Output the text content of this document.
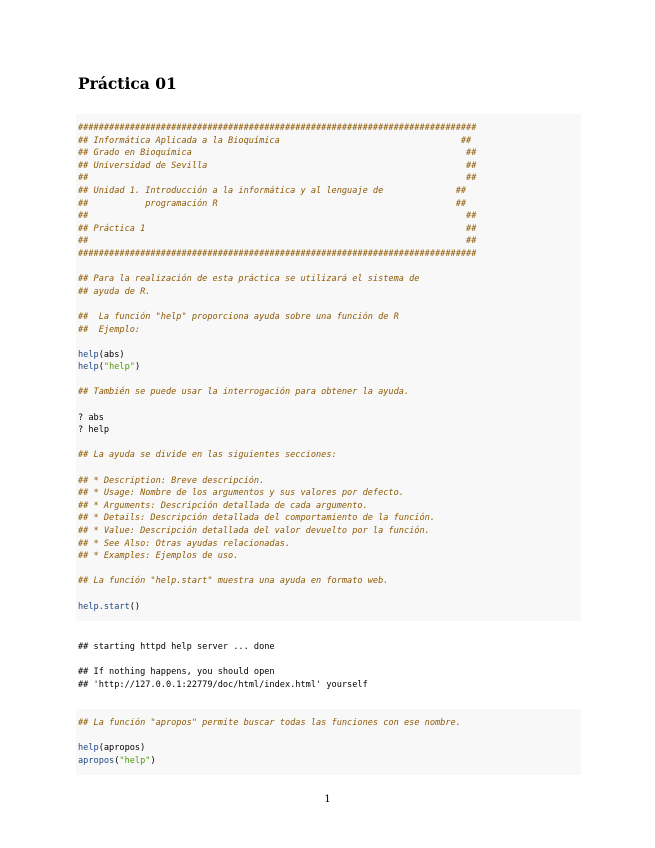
Práctica 01
#############################################################################
## Informática Aplicada a la Bioquímica                                   ##
## Grado en Bioquímica                                                     ##
## Universidad de Sevilla                                                  ##
##                                                                         ##
## Unidad 1. Introducción a la informática y al lenguaje de              ##
##           programación R                                              ##
##                                                                         ##
## Práctica 1                                                              ##
##                                                                         ##
#############################################################################
## Para la realización de esta práctica se utilizará el sistema de
## ayuda de R.
##  La función "help" proporciona ayuda sobre una función de R
##  Ejemplo:
help(abs)
help("help")
## También se puede usar la interrogación para obtener la ayuda.
? abs
? help
## La ayuda se divide en las siguientes secciones:
## * Description: Breve descripción.
## * Usage: Nombre de los argumentos y sus valores por defecto.
## * Arguments: Descripción detallada de cada argumento.
## * Details: Descripción detallada del comportamiento de la función.
## * Value: Descripción detallada del valor devuelto por la función.
## * See Also: Otras ayudas relacionadas.
## * Examples: Ejemplos de uso.
## La función "help.start" muestra una ayuda en formato web.
help.start()
## starting httpd help server ... done
## If nothing happens, you should open
## 'http://127.0.0.1:22779/doc/html/index.html' yourself
## La función "apropos" permite buscar todas las funciones con ese nombre.
help(apropos)
apropos("help")
1
